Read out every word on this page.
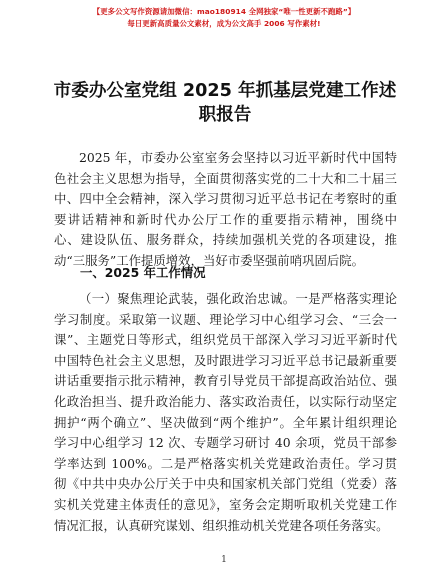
【更多公文写作资源请加微信：mao180914 全网独家“唯一性更新不跑路”】
每日更新高质量公文素材，成为公文高手 2006 写作素材!
市委办公室党组 2025 年抓基层党建工作述职报告
2025 年，市委办公室室务会坚持以习近平新时代中国特
色社会主义思想为指导，全面贯彻落实党的二十大和二十届三
中、四中全会精神，深入学习贯彻习近平总书记在考察时的重
要讲话精神和新时代办公厅工作的重要指示精神，围绕中
心、建设队伍、服务群众，持续加强机关党的各项建设，推
动“三服务”工作提质增效，当好市委坚强前哨巩固后院。
一、2025 年工作情况
（一）聚焦理论武装，强化政治忠诚。一是严格落实理论
学习制度。采取第一议题、理论学习中心组学习会、“三会一
课”、主题党日等形式，组织党员干部深入学习习近平新时代
中国特色社会主义思想，及时跟进学习习近平总书记最新重要
讲话重要指示批示精神，教育引导党员干部提高政治站位、强
化政治担当、提升政治能力、落实政治责任，以实际行动坚定
拥护“两个确立”、坚决做到“两个维护”。全年累计组织理论
学习中心组学习 12 次、专题学习研讨 40 余项，党员干部参
学率达到 100%。二是严格落实机关党建政治责任。学习贯
彻《中共中央办公厅关于中央和国家机关部门党组（党委）落
实机关党建主体责任的意见》，室务会定期听取机关党建工作
情况汇报，认真研究谋划、组织推动机关党建各项任务落实。
1
